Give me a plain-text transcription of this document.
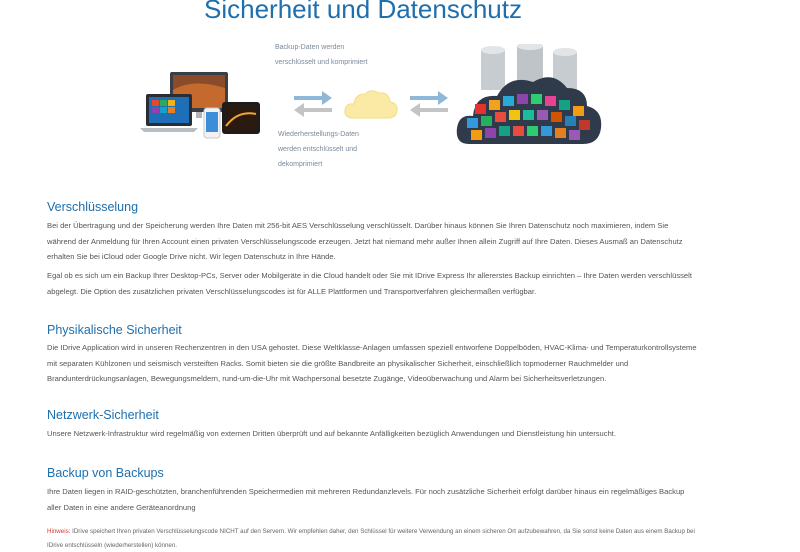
Sicherheit und Datenschutz
Backup-Daten werden
verschlüsselt und komprimiert
Wiederherstellungs-Daten
werden entschlüsselt und
dekomprimiert
Verschlüsselung

Bei der Übertragung und der Speicherung werden Ihre Daten mit 256-bit AES Verschlüsselung verschlüsselt. Darüber hinaus können Sie Ihren Datenschutz noch maximieren, indem Sie während der Anmeldung für Ihren Account einen privaten Verschlüsselungscode erzeugen. Jetzt hat niemand mehr außer Ihnen allein Zugriff auf Ihre Daten. Dieses Ausmaß an Datenschutz erhalten Sie bei iCloud oder Google Drive nicht. Wir legen Datenschutz in Ihre Hände.

Egal ob es sich um ein Backup Ihrer Desktop-PCs, Server oder Mobilgeräte in die Cloud handelt oder Sie mit IDrive Express Ihr allererstes Backup einrichten – Ihre Daten werden verschlüsselt abgelegt. Die Option des zusätzlichen privaten Verschlüsselungscodes ist für ALLE Plattformen und Transportverfahren gleichermaßen verfügbar.

Physikalische Sicherheit

Die IDrive Application wird in unseren Rechenzentren in den USA gehostet. Diese Weltklasse-Anlagen umfassen speziell entworfene Doppelböden, HVAC-Klima- und Temperaturkontrollsysteme mit separaten Kühlzonen und seismisch versteiften Racks. Somit bieten sie die größte Bandbreite an physikalischer Sicherheit, einschließlich topmoderner Rauchmelder und Brandunterdrückungsanlagen, Bewegungsmeldern, rund-um-die-Uhr mit Wachpersonal besetzte Zugänge, Videoüberwachung und Alarm bei Sicherheitsverletzungen.

Netzwerk-Sicherheit

Unsere Netzwerk-Infrastruktur wird regelmäßig von externen Dritten überprüft und auf bekannte Anfälligkeiten bezüglich Anwendungen und Dienstleistung hin untersucht.

Backup von Backups

Ihre Daten liegen in RAID-geschützten, branchenführenden Speichermedien mit mehreren Redundanzlevels. Für noch zusätzliche Sicherheit erfolgt darüber hinaus ein regelmäßiges Backup aller Daten in eine andere Geräteanordnung

Hinweis: IDrive speichert Ihren privaten Verschlüsselungscode NICHT auf den Servern. Wir empfehlen daher, den Schlüssel für weitere Verwendung an einem sicheren Ort aufzubewahren, da Sie sonst keine Daten aus einem Backup bei IDrive entschlüsseln (wiederherstellen) können.
